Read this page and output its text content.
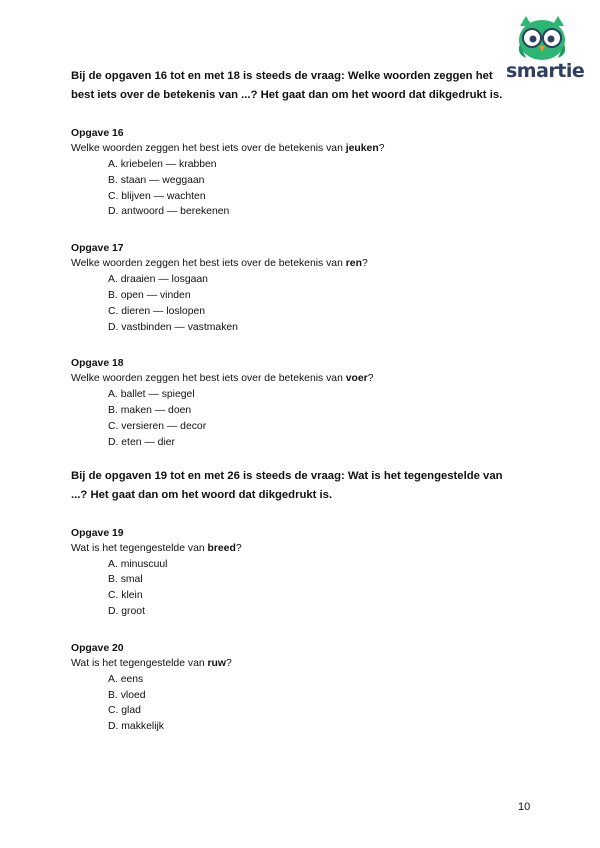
smartie

Bij de opgaven 16 tot en met 18 is steeds de vraag: Welke woorden zeggen het best iets over de betekenis van ...? Het gaat dan om het woord dat dikgedrukt is.

Opgave 16

Welke woorden zeggen het best iets over de betekenis van jeuken?

A. kriebelen — krabben
B. staan — weggaan
C. blijven — wachten
D. antwoord — berekenen

Opgave 17

Welke woorden zeggen het best iets over de betekenis van ren?

A. draaien — losgaan
B. open — vinden
C. dieren — loslopen
D. vastbinden — vastmaken

Opgave 18

Welke woorden zeggen het best iets over de betekenis van voer?

A. ballet — spiegel
B. maken — doen
C. versieren — decor
D. eten — dier

Bij de opgaven 19 tot en met 26 is steeds de vraag: Wat is het tegengestelde van ...? Het gaat dan om het woord dat dikgedrukt is.

Opgave 19

Wat is het tegengestelde van breed?

A. minuscuul
B. smal
C. klein
D. groot

Opgave 20

Wat is het tegengestelde van ruw?

A. eens
B. vloed
C. glad
D. makkelijk
10
